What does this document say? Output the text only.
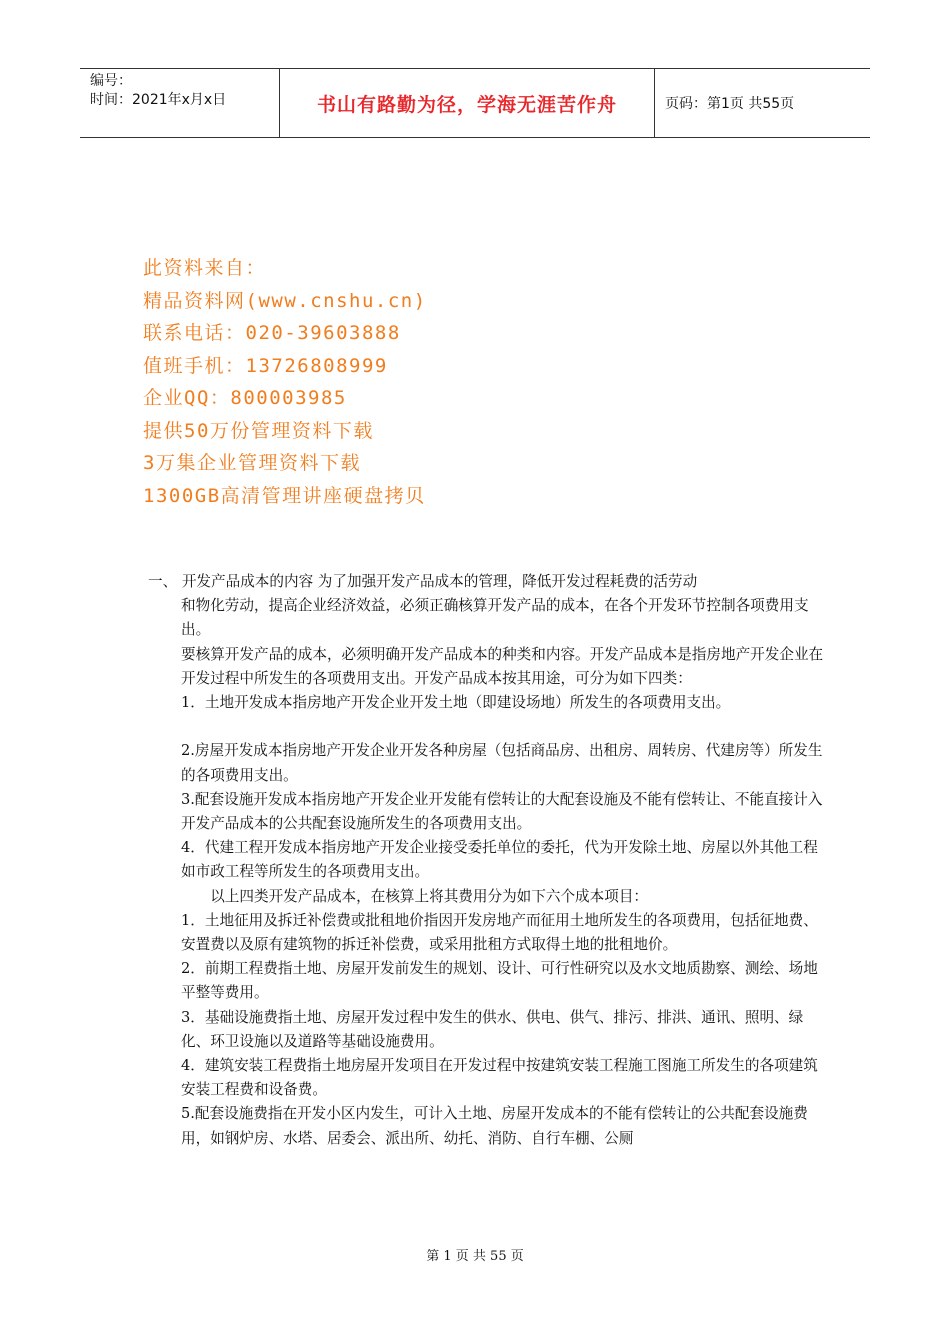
编号：
时间：2021年x月x日	书山有路勤为径，学海无涯苦作舟	页码：第1页 共55页
此资料来自：
精品资料网(www.cnshu.cn)
联系电话：020-39603888
值班手机：13726808999
企业QQ：800003985
提供50万份管理资料下载
3万集企业管理资料下载
1300GB高清管理讲座硬盘拷贝

一、 开发产品成本的内容 为了加强开发产品成本的管理，降低开发过程耗费的活劳动

和物化劳动，提高企业经济效益，必须正确核算开发产品的成本，在各个开发环节控制各项费用支出。

要核算开发产品的成本，必须明确开发产品成本的种类和内容。开发产品成本是指房地产开发企业在开发过程中所发生的各项费用支出。开发产品成本按其用途，可分为如下四类：

1．土地开发成本指房地产开发企业开发土地（即建设场地）所发生的各项费用支出。

2.房屋开发成本指房地产开发企业开发各种房屋（包括商品房、出租房、周转房、代建房等）所发生的各项费用支出。

3.配套设施开发成本指房地产开发企业开发能有偿转让的大配套设施及不能有偿转让、不能直接计入开发产品成本的公共配套设施所发生的各项费用支出。

4．代建工程开发成本指房地产开发企业接受委托单位的委托，代为开发除土地、房屋以外其他工程如市政工程等所发生的各项费用支出。

以上四类开发产品成本，在核算上将其费用分为如下六个成本项目：

1．土地征用及拆迁补偿费或批租地价指因开发房地产而征用土地所发生的各项费用，包括征地费、安置费以及原有建筑物的拆迁补偿费，或采用批租方式取得土地的批租地价。

2．前期工程费指土地、房屋开发前发生的规划、设计、可行性研究以及水文地质勘察、测绘、场地平整等费用。

3．基础设施费指土地、房屋开发过程中发生的供水、供电、供气、排污、排洪、通讯、照明、绿化、环卫设施以及道路等基础设施费用。

4．建筑安装工程费指土地房屋开发项目在开发过程中按建筑安装工程施工图施工所发生的各项建筑安装工程费和设备费。

5.配套设施费指在开发小区内发生，可计入土地、房屋开发成本的不能有偿转让的公共配套设施费用，如钢炉房、水塔、居委会、派出所、幼托、消防、自行车棚、公厕

第 1 页 共 55 页
